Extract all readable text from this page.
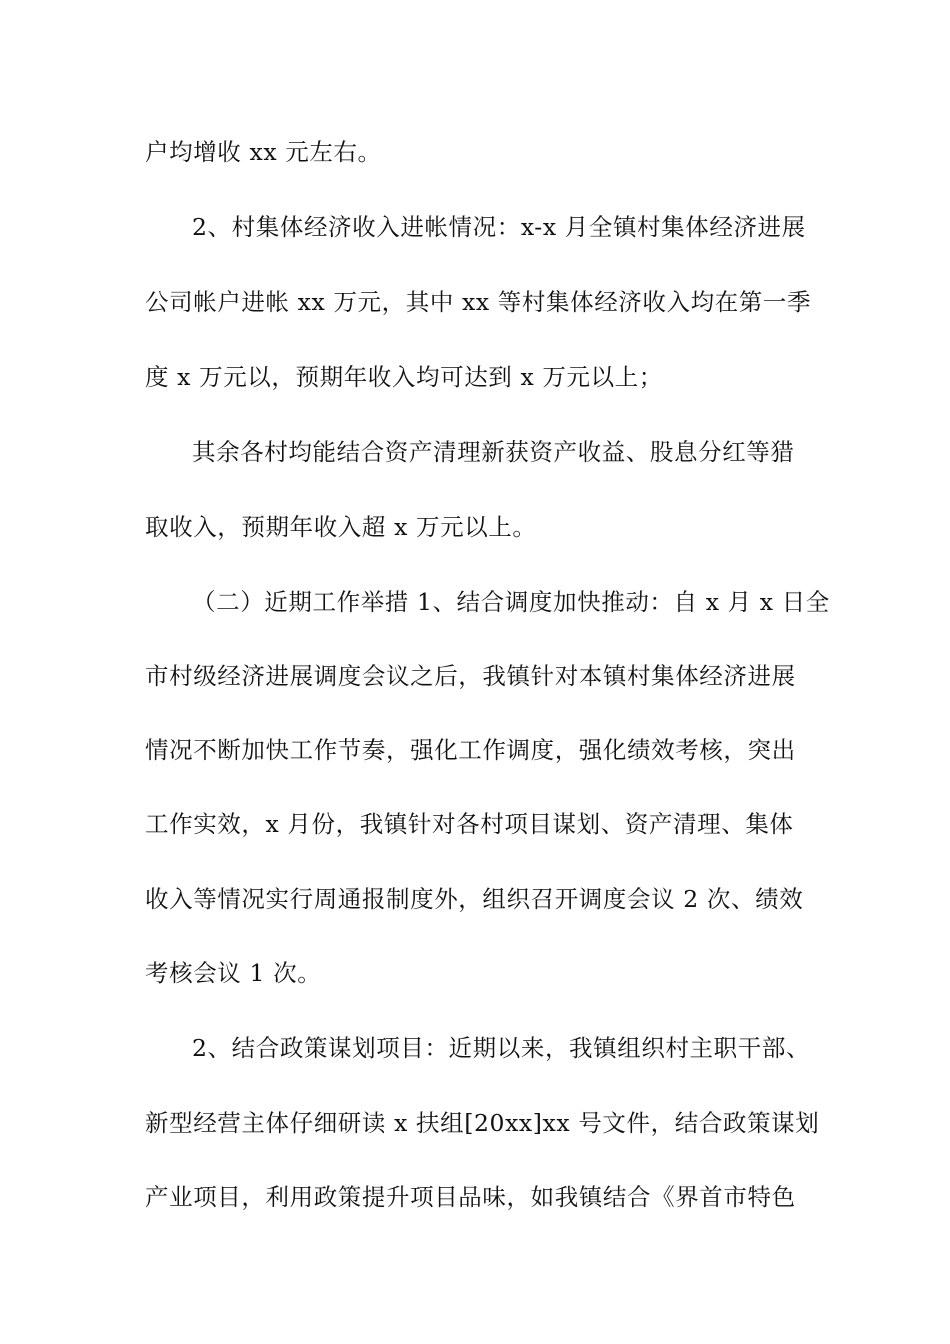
户均增收 xx 元左右。
2、村集体经济收入进帐情况：x-x 月全镇村集体经济进展
公司帐户进帐 xx 万元，其中 xx 等村集体经济收入均在第一季
度 x 万元以，预期年收入均可达到 x 万元以上；
其余各村均能结合资产清理新获资产收益、股息分红等猎
取收入，预期年收入超 x 万元以上。
（二）近期工作举措 1、结合调度加快推动：自 x 月 x 日全
市村级经济进展调度会议之后，我镇针对本镇村集体经济进展
情况不断加快工作节奏，强化工作调度，强化绩效考核，突出
工作实效，x 月份，我镇针对各村项目谋划、资产清理、集体
收入等情况实行周通报制度外，组织召开调度会议 2 次、绩效
考核会议 1 次。
2、结合政策谋划项目：近期以来，我镇组织村主职干部、
新型经营主体仔细研读 x 扶组[20xx]xx 号文件，结合政策谋划
产业项目，利用政策提升项目品味，如我镇结合《界首市特色
